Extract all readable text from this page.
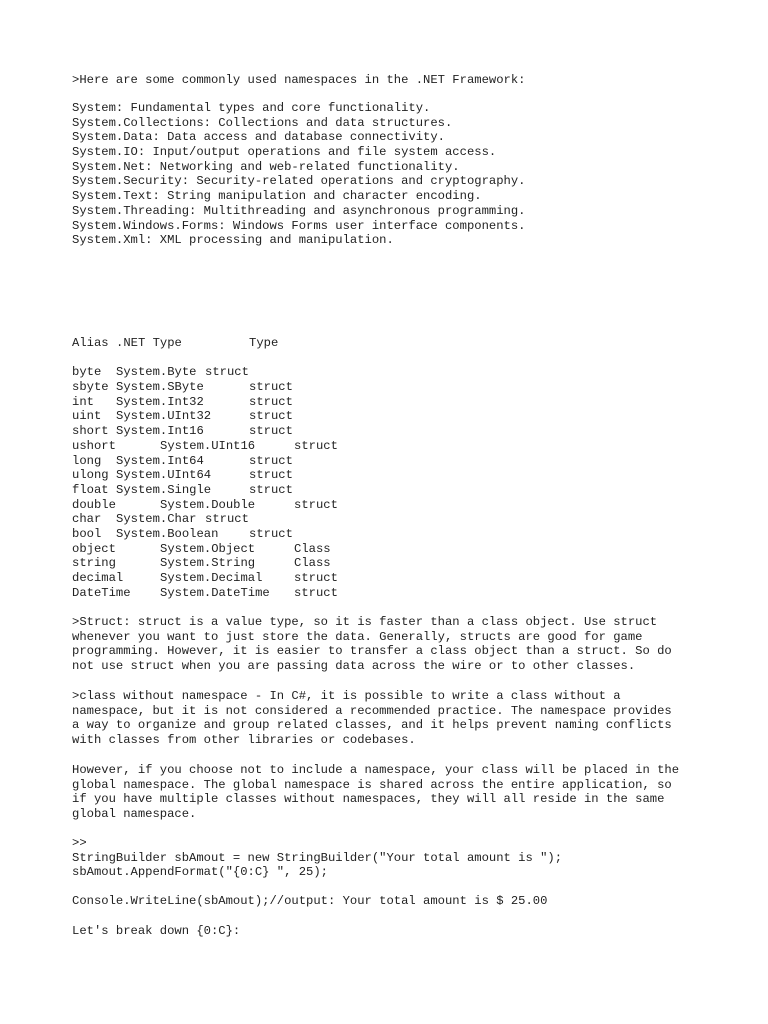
>Here are some commonly used namespaces in the .NET Framework:
System: Fundamental types and core functionality.
System.Collections: Collections and data structures.
System.Data: Data access and database connectivity.
System.IO: Input/output operations and file system access.
System.Net: Networking and web-related functionality.
System.Security: Security-related operations and cryptography.
System.Text: String manipulation and character encoding.
System.Threading: Multithreading and asynchronous programming.
System.Windows.Forms: Windows Forms user interface components.
System.Xml: XML processing and manipulation.
Alias .NET Type	Type
byte System.Byte struct
sbyte System.SByte	struct
int System.Int32	struct
uint System.UInt32	struct
short System.Int16	struct
ushort	System.UInt16	struct
long System.Int64	struct
ulong System.UInt64	struct
float System.Single	struct
double	System.Double	struct
char System.Char struct
bool System.Boolean	struct
object	System.Object	Class
string	System.String	Class
decimal	System.Decimal	struct
DateTime System.DateTime struct
>Struct: struct is a value type, so it is faster than a class object. Use struct
whenever you want to just store the data. Generally, structs are good for game
programming. However, it is easier to transfer a class object than a struct. So do
not use struct when you are passing data across the wire or to other classes.
>class without namespace - In C#, it is possible to write a class without a
namespace, but it is not considered a recommended practice. The namespace provides
a way to organize and group related classes, and it helps prevent naming conflicts
with classes from other libraries or codebases.
However, if you choose not to include a namespace, your class will be placed in the
global namespace. The global namespace is shared across the entire application, so
if you have multiple classes without namespaces, they will all reside in the same
global namespace.
>>
StringBuilder sbAmout = new StringBuilder("Your total amount is ");
sbAmout.AppendFormat("{0:C} ", 25);
Console.WriteLine(sbAmout);//output: Your total amount is $ 25.00
Let's break down {0:C}:
